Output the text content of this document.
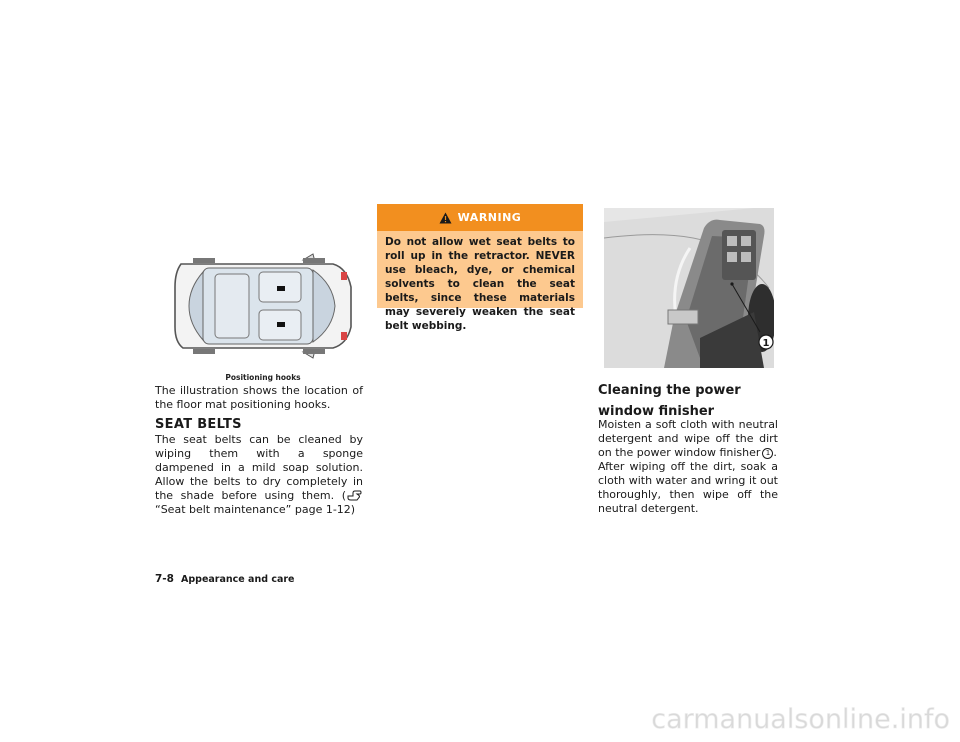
Positioning hooks
The illustration shows the location of the floor mat positioning hooks.
SEAT BELTS
The seat belts can be cleaned by wiping them with a sponge dampened in a mild soap solution. Allow the belts to dry completely in the shade before using them. (“Seat belt maintenance” page 1-12)
WARNING
Do not allow wet seat belts to roll up in the retractor. NEVER use bleach, dye, or chemical solvents to clean the seat belts, since these materials may severely weaken the seat belt webbing.
1
Cleaning the power window finisher
Moisten a soft cloth with neutral detergent and wipe off the dirt on the power window finisher 1 .
After wiping off the dirt, soak a cloth with water and wring it out thoroughly, then wipe off the neutral detergent.
7-8 Appearance and care
carmanualsonline.info
